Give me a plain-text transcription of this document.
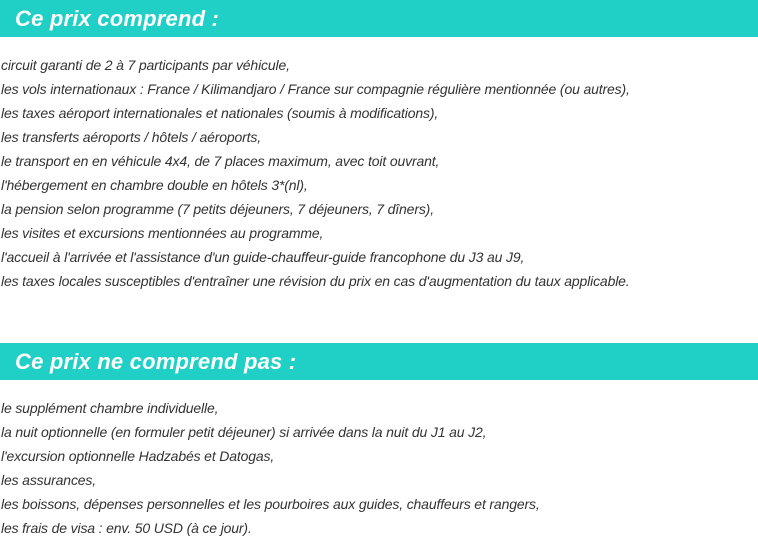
Ce prix comprend :
circuit garanti de 2 à 7 participants par véhicule,
les vols internationaux : France / Kilimandjaro / France sur compagnie régulière mentionnée (ou autres),
les taxes aéroport internationales et nationales (soumis à modifications),
les transferts aéroports / hôtels / aéroports,
le transport en en véhicule 4x4, de 7 places maximum, avec toit ouvrant,
l'hébergement en chambre double en hôtels 3*(nl),
la pension selon programme (7 petits déjeuners, 7 déjeuners, 7 dîners),
les visites et excursions mentionnées au programme,
l'accueil à l'arrivée et l'assistance d'un guide-chauffeur-guide francophone du J3 au J9,
les taxes locales susceptibles d'entraîner une révision du prix en cas d'augmentation du taux applicable.
Ce prix ne comprend pas :
le supplément chambre individuelle,
la nuit optionnelle (en formuler petit déjeuner) si arrivée dans la nuit du J1 au J2,
l'excursion optionnelle Hadzabés et Datogas,
les assurances,
les boissons, dépenses personnelles et les pourboires aux guides, chauffeurs et rangers,
les frais de visa : env. 50 USD (à ce jour).
